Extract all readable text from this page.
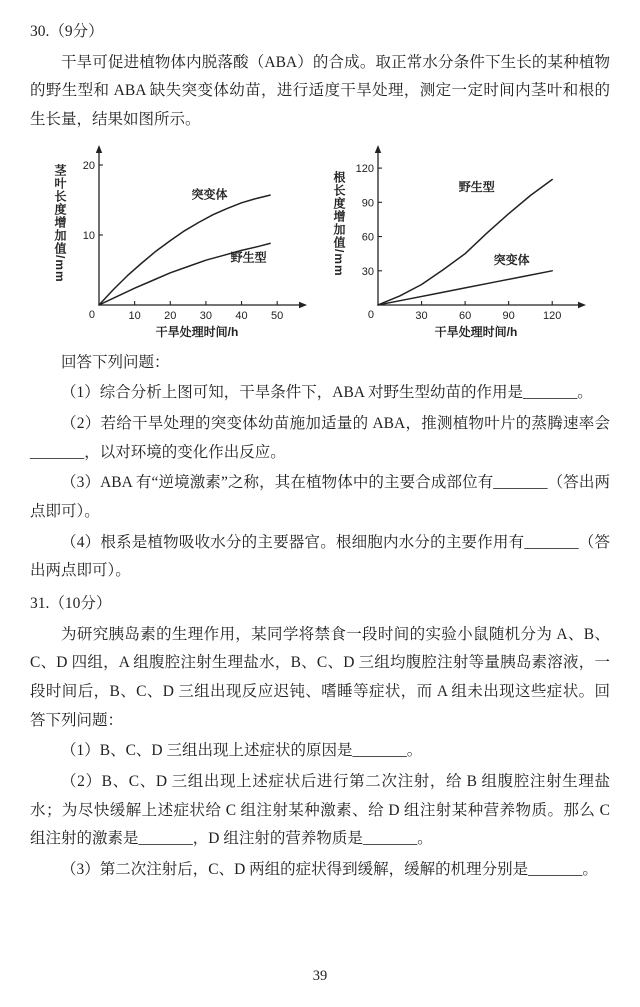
30.（9分）

干旱可促进植物体内脱落酸（ABA）的合成。取正常水分条件下生长的某种植物的野生型和 ABA 缺失突变体幼苗，进行适度干旱处理，测定一定时间内茎叶和根的生长量，结果如图所示。

茎叶长度增加值/mm
0	10 20 30 40 50
10
20
干旱处理时间/h
突变体
野生型	根长度增加值/mm
0	30	60	90	120
30
60
90
120
干旱处理时间/h
野生型
突变体

回答下列问题：

（1）综合分析上图可知，干旱条件下，ABA 对野生型幼苗的作用是_______。

（2）若给干旱处理的突变体幼苗施加适量的 ABA，推测植物叶片的蒸腾速率会_______，以对环境的变化作出反应。

（3）ABA 有“逆境激素”之称，其在植物体中的主要合成部位有_______（答出两点即可）。

（4）根系是植物吸收水分的主要器官。根细胞内水分的主要作用有_______（答出两点即可）。

31.（10分）

为研究胰岛素的生理作用，某同学将禁食一段时间的实验小鼠随机分为 A、B、C、D 四组，A 组腹腔注射生理盐水，B、C、D 三组均腹腔注射等量胰岛素溶液，一段时间后，B、C、D 三组出现反应迟钝、嗜睡等症状，而 A 组未出现这些症状。回答下列问题：

（1）B、C、D 三组出现上述症状的原因是_______。

（2）B、C、D 三组出现上述症状后进行第二次注射，给 B 组腹腔注射生理盐水；为尽快缓解上述症状给 C 组注射某种激素、给 D 组注射某种营养物质。那么 C 组注射的激素是_______，D 组注射的营养物质是_______。

（3）第二次注射后，C、D 两组的症状得到缓解，缓解的机理分别是_______。

39
